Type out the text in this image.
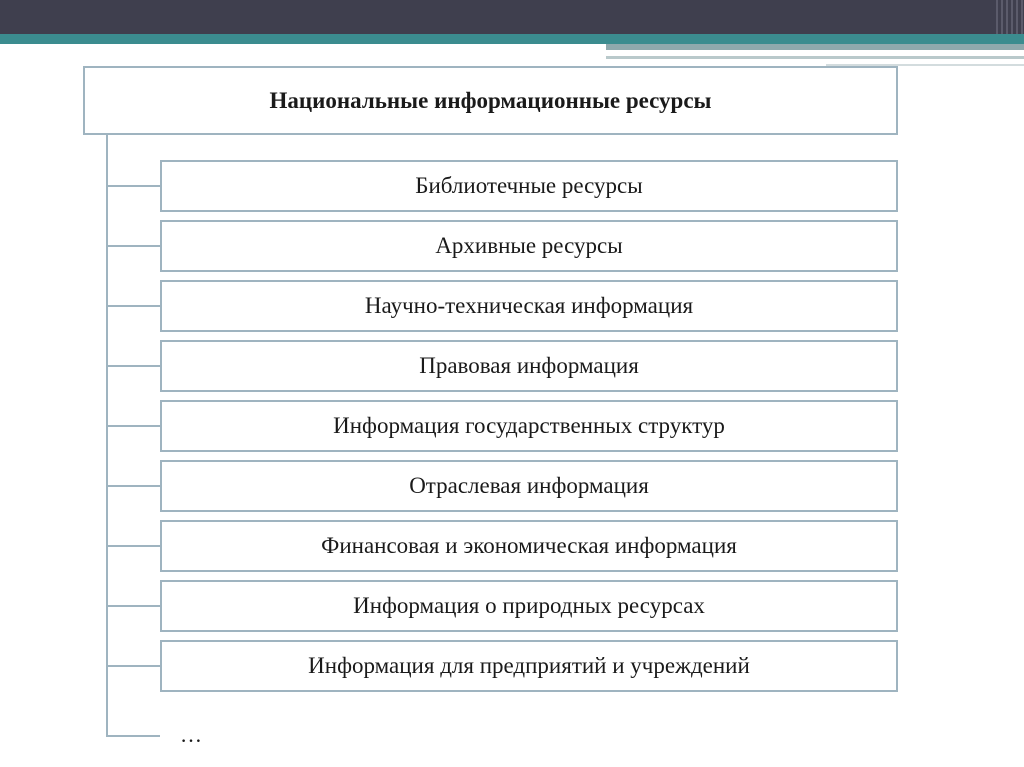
Национальные информационные ресурсы
Библиотечные ресурсы
Архивные ресурсы
Научно-техническая информация
Правовая информация
Информация государственных структур
Отраслевая информация
Финансовая и экономическая информация
Информация о природных ресурсах
Информация для предприятий и учреждений
…
